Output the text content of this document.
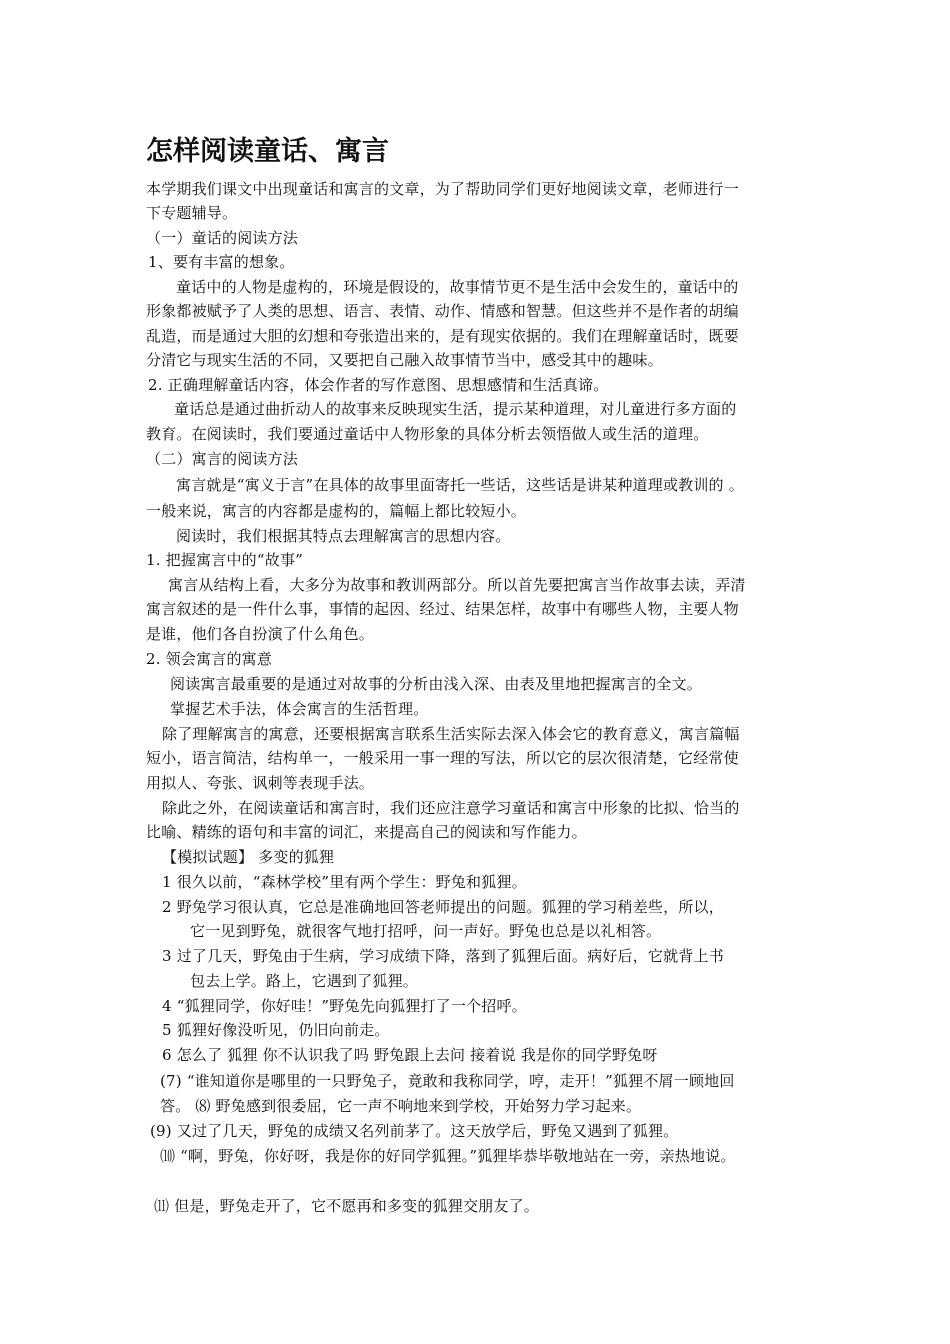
怎样阅读童话、寓言
本学期我们课文中出现童话和寓言的文章，为了帮助同学们更好地阅读文章，老师进行一
下专题辅导。
（一）童话的阅读方法
1、要有丰富的想象。
童话中的人物是虚构的，环境是假设的，故事情节更不是生活中会发生的，童话中的
形象都被赋予了人类的思想、语言、表情、动作、情感和智慧。但这些并不是作者的胡编
乱造，而是通过大胆的幻想和夸张造出来的，是有现实依据的。我们在理解童话时，既要
分清它与现实生活的不同，又要把自己融入故事情节当中，感受其中的趣味。
2. 正确理解童话内容，体会作者的写作意图、思想感情和生活真谛。
童话总是通过曲折动人的故事来反映现实生活，提示某种道理，对儿童进行多方面的
教育。在阅读时，我们要通过童话中人物形象的具体分析去领悟做人或生活的道理。
（二）寓言的阅读方法
寓言就是“寓义于言”在具体的故事里面寄托一些话，这些话是讲某种道理或教训的 。
一般来说，寓言的内容都是虚构的，篇幅上都比较短小。
阅读时，我们根据其特点去理解寓言的思想内容。
1. 把握寓言中的“故事”
寓言从结构上看，大多分为故事和教训两部分。所以首先要把寓言当作故事去读，弄清
寓言叙述的是一件什么事，事情的起因、经过、结果怎样，故事中有哪些人物，主要人物
是谁，他们各自扮演了什么角色。
2. 领会寓言的寓意
阅读寓言最重要的是通过对故事的分析由浅入深、由表及里地把握寓言的全文。
掌握艺术手法，体会寓言的生活哲理。
除了理解寓言的寓意，还要根据寓言联系生活实际去深入体会它的教育意义，寓言篇幅
短小，语言简洁，结构单一，一般采用一事一理的写法，所以它的层次很清楚，它经常使
用拟人、夸张、讽刺等表现手法。
除此之外，在阅读童话和寓言时，我们还应注意学习童话和寓言中形象的比拟、恰当的
比喻、精练的语句和丰富的词汇，来提高自己的阅读和写作能力。
【模拟试题】 多变的狐狸
1 很久以前，“森林学校”里有两个学生：野兔和狐狸。
2 野兔学习很认真，它总是准确地回答老师提出的问题。狐狸的学习稍差些，所以，
它一见到野兔，就很客气地打招呼，问一声好。野兔也总是以礼相答。
3 过了几天，野兔由于生病，学习成绩下降，落到了狐狸后面。病好后，它就背上书
包去上学。路上，它遇到了狐狸。
4 “狐狸同学，你好哇！”野兔先向狐狸打了一个招呼。
5 狐狸好像没听见，仍旧向前走。
6 怎么了 狐狸 你不认识我了吗 野兔跟上去问 接着说 我是你的同学野兔呀
(7) “谁知道你是哪里的一只野兔子，竟敢和我称同学，哼，走开！”狐狸不屑一顾地回
答。 ⑻ 野兔感到很委屈，它一声不响地来到学校，开始努力学习起来。
(9) 又过了几天，野兔的成绩又名列前茅了。这天放学后，野兔又遇到了狐狸。
⑽ “啊，野兔，你好呀，我是你的好同学狐狸。”狐狸毕恭毕敬地站在一旁，亲热地说。
⑾ 但是，野兔走开了，它不愿再和多变的狐狸交朋友了。
